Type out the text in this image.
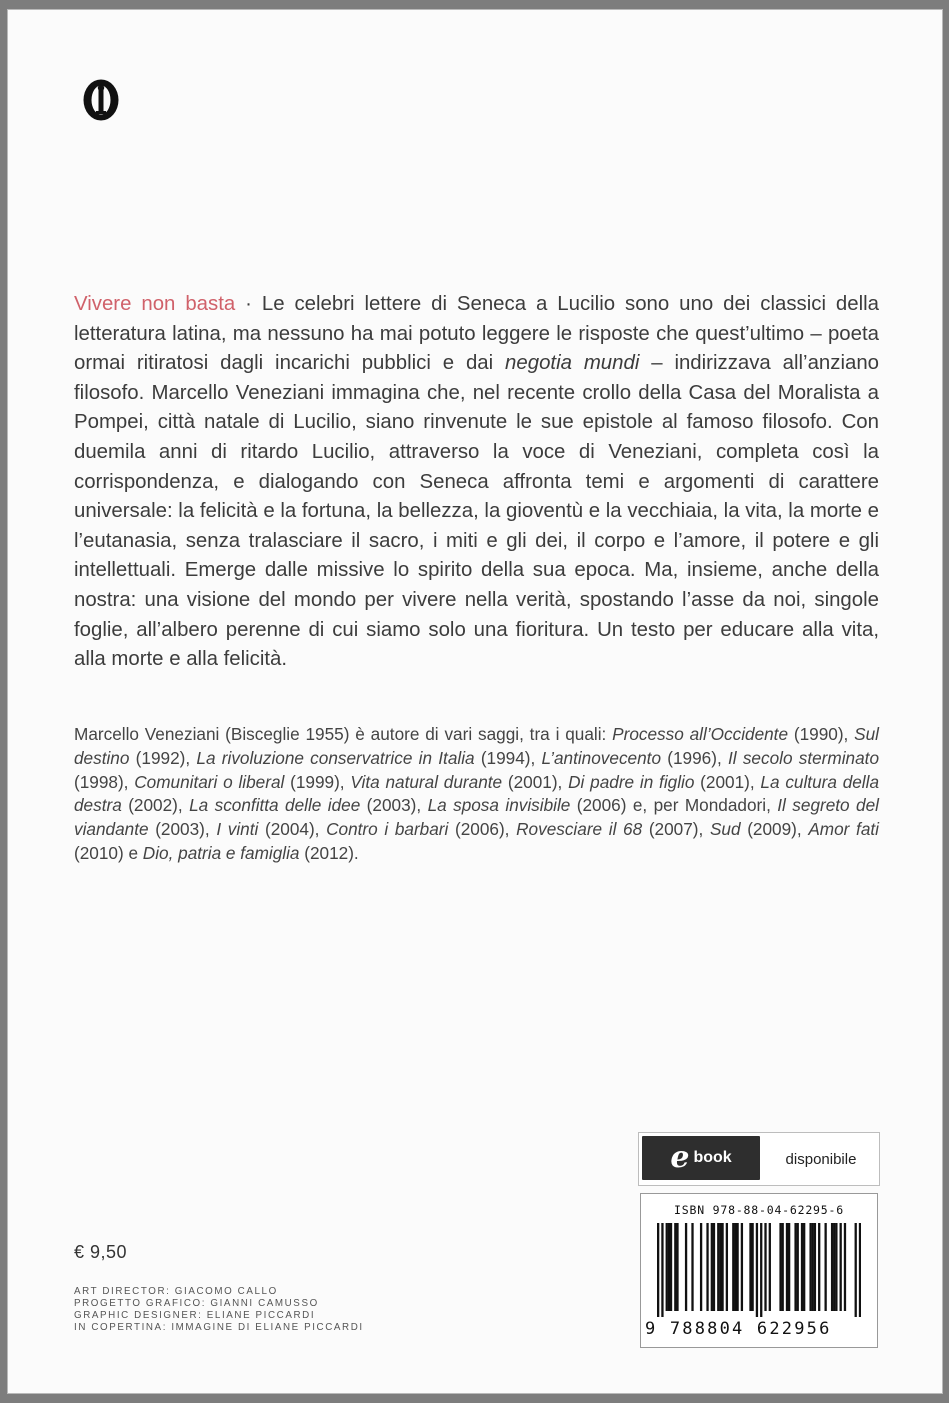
Vivere non basta · Le celebri lettere di Seneca a Lucilio sono uno dei classici della letteratura latina, ma nessuno ha mai potuto leggere le risposte che quest’ultimo – poeta ormai ritiratosi dagli incarichi pubblici e dai negotia mundi – indirizzava all’anziano filosofo. Marcello Veneziani immagina che, nel recente crollo della Casa del Moralista a Pompei, città natale di Lucilio, siano rinvenute le sue epistole al famoso filosofo. Con duemila anni di ritardo Lucilio, attraverso la voce di Veneziani, completa così la corrispondenza, e dialogando con Seneca affronta temi e argomenti di carattere universale: la felicità e la fortuna, la bellezza, la gioventù e la vecchiaia, la vita, la morte e l’eutanasia, senza tralasciare il sacro, i miti e gli dei, il corpo e l’amore, il potere e gli intellettuali. Emerge dalle missive lo spirito della sua epoca. Ma, insieme, anche della nostra: una visione del mondo per vivere nella verità, spostando l’asse da noi, singole foglie, all’albero perenne di cui siamo solo una fioritura. Un testo per educare alla vita, alla morte e alla felicità.

Marcello Veneziani (Bisceglie 1955) è autore di vari saggi, tra i quali: Processo all’Occidente (1990), Sul destino (1992), La rivoluzione conservatrice in Italia (1994), L’antinovecento (1996), Il secolo sterminato (1998), Comunitari o liberal (1999), Vita natural durante (2001), Di padre in figlio (2001), La cultura della destra (2002), La sconfitta delle idee (2003), La sposa invisibile (2006) e, per Mondadori, Il segreto del viandante (2003), I vinti (2004), Contro i barbari (2006), Rovesciare il 68 (2007), Sud (2009), Amor fati (2010) e Dio, patria e famiglia (2012).

€ 9,50
ART DIRECTOR: GIACOMO CALLO
PROGETTO GRAFICO: GIANNI CAMUSSO
GRAPHIC DESIGNER: ELIANE PICCARDI
IN COPERTINA: IMMAGINE DI ELIANE PICCARDI
e book	disponibile
ISBN 978-88-04-62295-6
9 788804 622956
